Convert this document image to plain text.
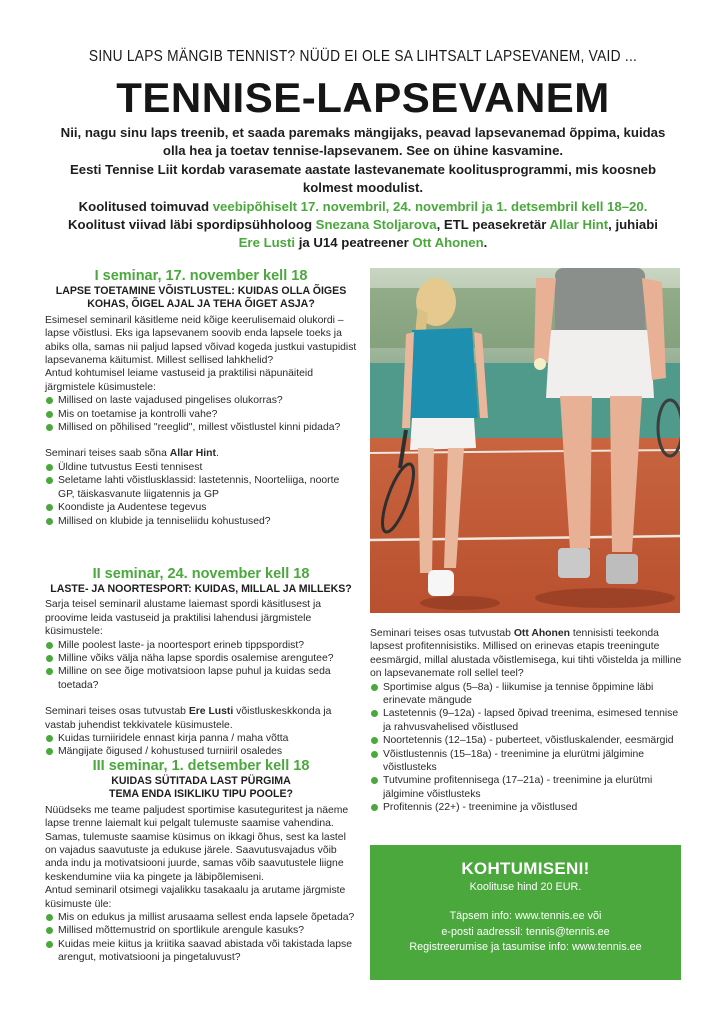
SINU LAPS MÄNGIB TENNIST? NÜÜD EI OLE SA LIHTSALT LAPSEVANEM, VAID ...
TENNISE-LAPSEVANEM
Nii, nagu sinu laps treenib, et saada paremaks mängijaks, peavad lapsevanemad õppima, kuidas olla hea ja toetav tennise-lapsevanem. See on ühine kasvamine.
Eesti Tennise Liit kordab varasemate aastate lastevanemate koolitusprogrammi, mis koosneb kolmest moodulist.
Koolitused toimuvad veebipõhiselt 17. novembril, 24. novembril ja 1. detsembril kell 18–20.
Koolitust viivad läbi spordipsühholoog Snezana Stoljarova, ETL peasekretär Allar Hint, juhiabi Ere Lusti ja U14 peatreener Ott Ahonen.
I seminar, 17. november kell 18
LAPSE TOETAMINE VÕISTLUSTEL: KUIDAS OLLA ÕIGES KOHAS, ÕIGEL AJAL JA TEHA ÕIGET ASJA?

Esimesel seminaril käsitleme neid kõige keerulisemaid olukordi – lapse võistlusi. Eks iga lapsevanem soovib enda lapsele toeks ja abiks olla, samas nii paljud lapsed võivad kogeda justkui vastupidist lapsevanema käitumist. Millest sellised lahkhelid?

Antud kohtumisel leiame vastuseid ja praktilisi näpunäiteid järgmistele küsimustele:

Millised on laste vajadused pingelises olukorras?
Mis on toetamise ja kontrolli vahe?
Millised on põhilised "reeglid", millest võistlustel kinni pidada?

Seminari teises saab sõna Allar Hint.

Üldine tutvustus Eesti tennisest
Seletame lahti võistlusklassid: lastetennis, Noorteliiga, noorte GP, täiskasvanute liigatennis ja GP
Koondiste ja Audentese tegevus
Millised on klubide ja tenniseliidu kohustused?
II seminar, 24. november kell 18
LASTE- JA NOORTESPORT: KUIDAS, MILLAL JA MILLEKS?

Sarja teisel seminaril alustame laiemast spordi käsitlusest ja proovime leida vastuseid ja praktilisi lahendusi järgmistele küsimustele:

Mille poolest laste- ja noortesport erineb tippspordist?
Milline võiks välja näha lapse spordis osalemise arengutee?
Milline on see õige motivatsioon lapse puhul ja kuidas seda toetada?

Seminari teises osas tutvustab Ere Lusti võistluskeskkonda ja vastab juhendist tekkivatele küsimustele.

Kuidas turniiridele ennast kirja panna / maha võtta
Mängijate õigused / kohustused turniiril osaledes
III seminar, 1. detsember kell 18
KUIDAS SÜTITADA LAST PÜRGIMA TEMA ENDA ISIKLIKU TIPU POOLE?

Nüüdseks me teame paljudest sportimise kasuteguritest ja näeme lapse trenne laiemalt kui pelgalt tulemuste saamise vahendina. Samas, tulemuste saamise küsimus on ikkagi õhus, sest ka lastel on vajadus saavutuste ja edukuse järele. Saavutusvajadus võib anda indu ja motivatsiooni juurde, samas võib saavutustele liigne keskendumine viia ka pingete ja läbipõlemiseni.

Antud seminaril otsimegi vajalikku tasakaalu ja arutame järgmiste küsimuste üle:

Mis on edukus ja millist arusaama sellest enda lapsele õpetada?
Millised mõttemustrid on sportlikule arengule kasuks?
Kuidas meie kiitus ja kriitika saavad abistada või takistada lapse arengut, motivatsiooni ja pingetaluvust?

Seminari teises osas tutvustab Ott Ahonen tennisisti teekonda lapsest profitennisistiks. Millised on erinevas etapis treeningute eesmärgid, millal alustada võistlemisega, kui tihti võistelda ja milline on lapsevanemate roll sellel teel?

Sportimise algus (5–8a) - liikumise ja tennise õppimine läbi erinevate mängude
Lastetennis (9–12a) - lapsed õpivad treenima, esimesed tennise ja rahvusvahelised võistlused
Noortetennis (12–15a) - puberteet, võistluskalender, eesmärgid
Võistlustennis (15–18a) - treenimine ja elurütmi jälgimine võistlusteks
Tutvumine profitennisega (17–21a) - treenimine ja elurütmi jälgimine võistlusteks
Profitennis (22+) - treenimine ja võistlused
KOHTUMISENI!
Koolituse hind 20 EUR.
Täpsem info: www.tennis.ee või
e-posti aadressil: tennis@tennis.ee
Registreerumise ja tasumise info: www.tennis.ee
